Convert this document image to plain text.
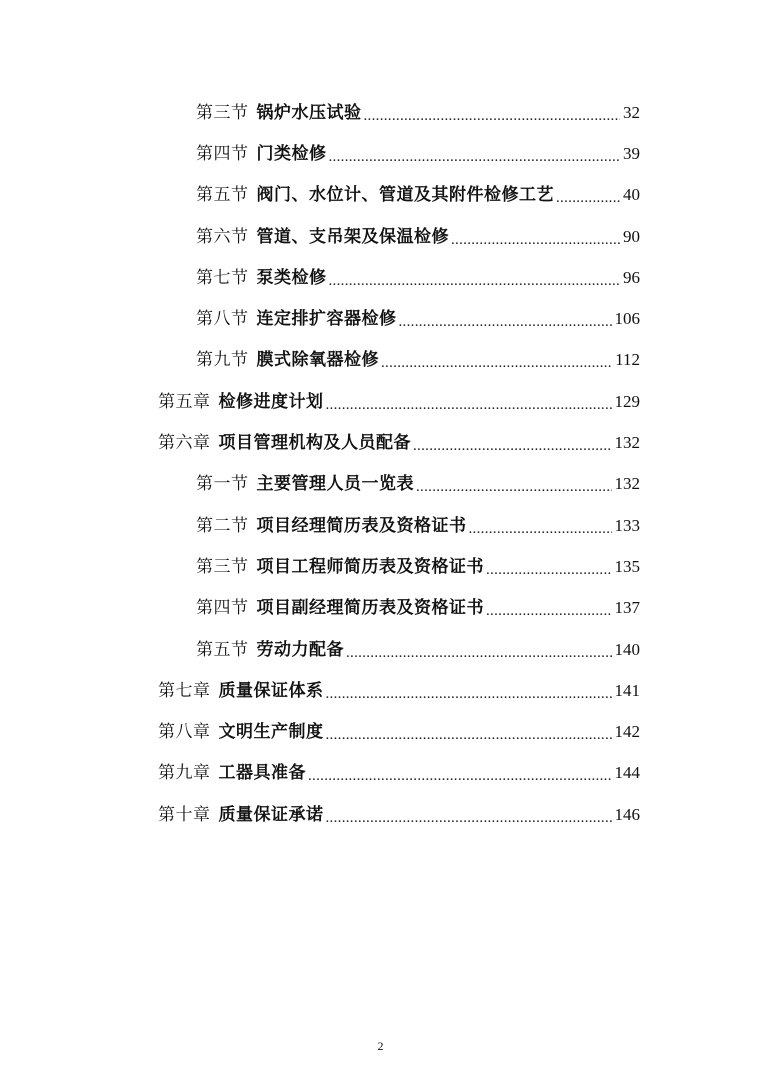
第三节 锅炉水压试验 .....	32
第四节 门类检修 .....	39
第五节 阀门、水位计、管道及其附件检修工艺 .....	40
第六节 管道、支吊架及保温检修 .....	90
第七节 泵类检修 .....	96
第八节 连定排扩容器检修 .....	106
第九节 膜式除氧器检修 .....	112
第五章 检修进度计划 .....	129
第六章 项目管理机构及人员配备 .....	132
第一节 主要管理人员一览表 .....	132
第二节 项目经理简历表及资格证书 .....	133
第三节 项目工程师简历表及资格证书 .....	135
第四节 项目副经理简历表及资格证书 .....	137
第五节 劳动力配备 .....	140
第七章 质量保证体系 .....	141
第八章 文明生产制度 .....	142
第九章 工器具准备 .....	144
第十章 质量保证承诺 .....	146
2
